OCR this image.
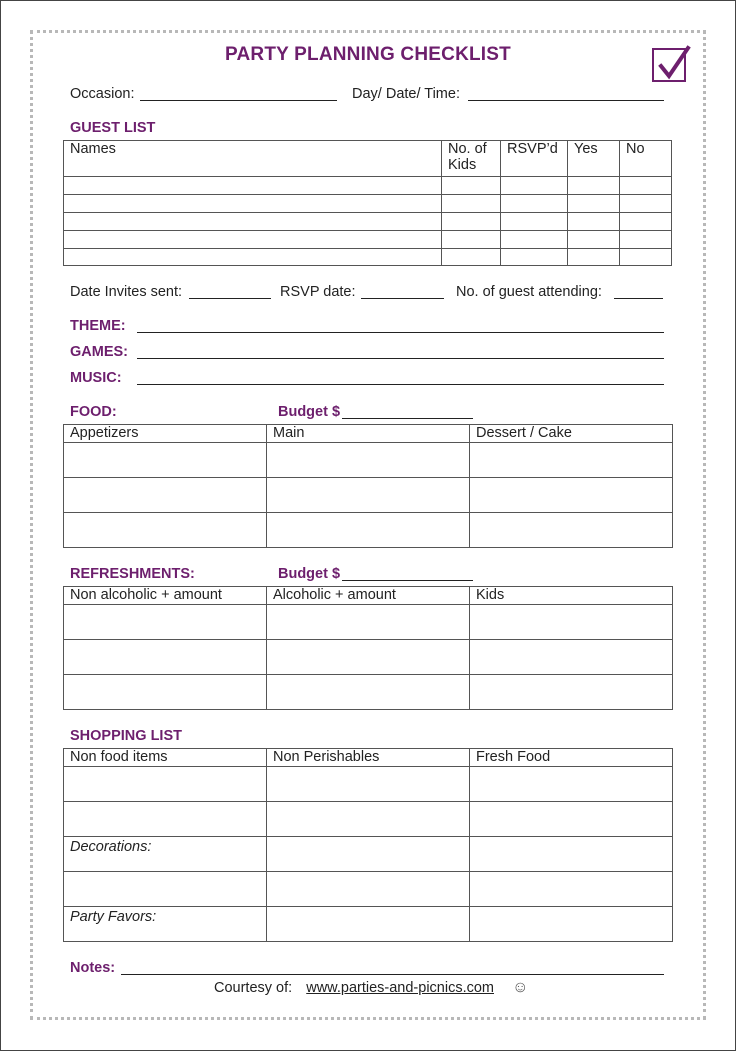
PARTY PLANNING CHECKLIST
Occasion:	Day/ Date/ Time:
GUEST LIST
Names	No. of Kids	RSVP’d	Yes	No

Date Invites sent:	RSVP date:	No. of guest attending:
THEME:
GAMES:
MUSIC:
FOOD:	Budget $
Appetizers	Main	Dessert / Cake

REFRESHMENTS:	Budget $
Non alcoholic + amount	Alcoholic + amount	Kids

SHOPPING LIST
Non food items	Non Perishables	Fresh Food

Decorations:		

Party Favors:		
Notes:
Courtesy of: www.parties-and-picnics.com ☺
